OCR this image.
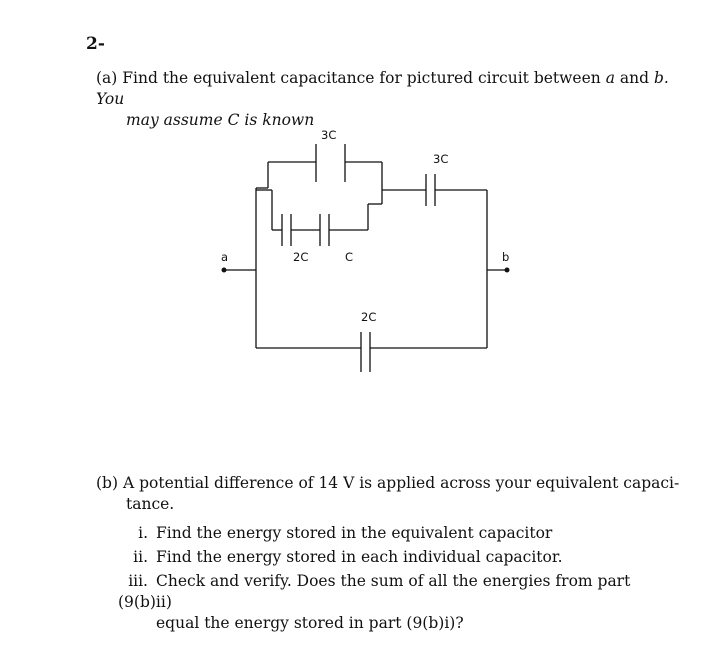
2-
(a) Find the equivalent capacitance for pictured circuit between a and b. You
may assume C is known
3C
3C
2C	C
2C
a	b
(b) A potential difference of 14 V is applied across your equivalent capaci-
tance.
i. Find the energy stored in the equivalent capacitor
ii. Find the energy stored in each individual capacitor.
iii. Check and verify. Does the sum of all the energies from part (9(b)ii)
equal the energy stored in part (9(b)i)?
